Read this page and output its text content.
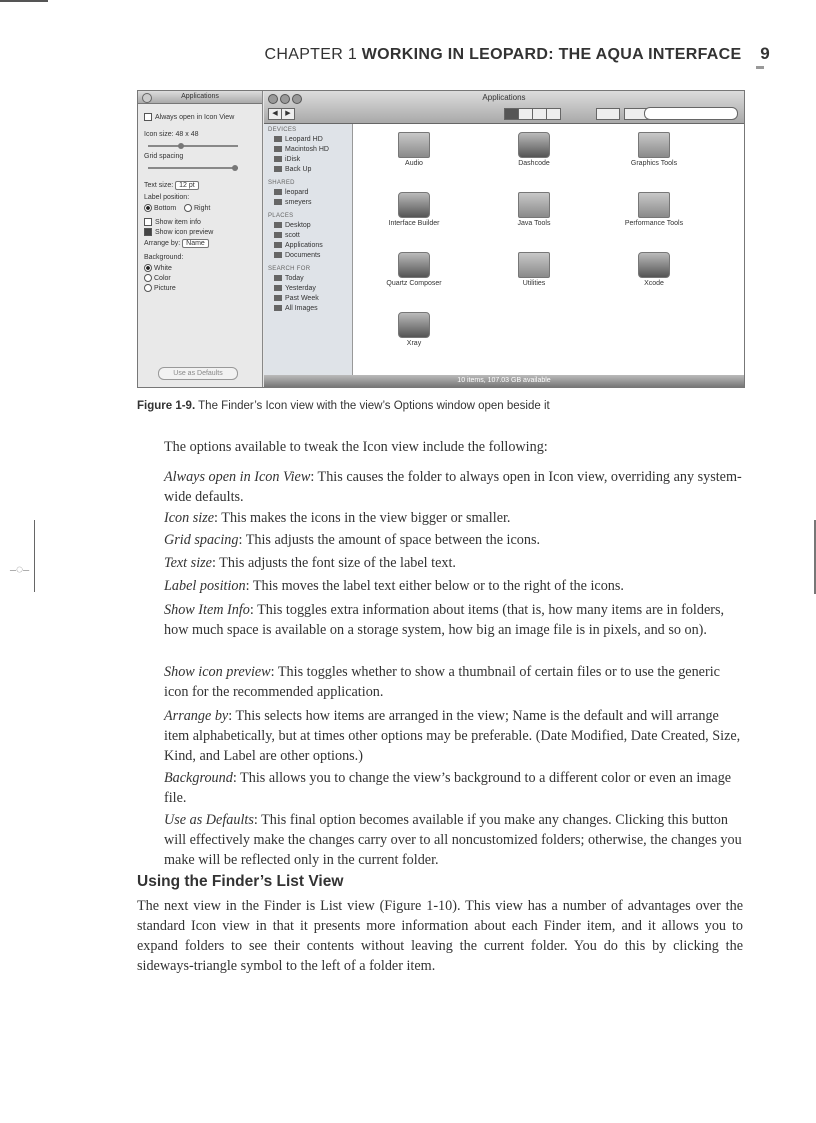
CHAPTER 1 WORKING IN LEOPARD: THE AQUA INTERFACE 9
Applications
Always open in Icon View
Icon size: 48 x 48
Grid spacing
Text size: 12 pt
Label position:
Bottom	Right
Show item info
Show icon preview
Arrange by: Name
Background:
White
Color
Picture
Use as Defaults
Applications
◀	▶
DEVICES
Leopard HD
Macintosh HD
iDisk
Back Up
SHARED
leopard
smeyers
PLACES
Desktop
scott
Applications
Documents
SEARCH FOR
Today
Yesterday
Past Week
All Images
Audio	Dashcode	Graphics Tools
Interface Builder	Java Tools	Performance Tools
Quartz Composer	Utilities	Xcode
Xray
10 items, 107.03 GB available
Figure 1-9. The Finder’s Icon view with the view’s Options window open beside it
The options available to tweak the Icon view include the following:
Always open in Icon View: This causes the folder to always open in Icon view, overriding any system-wide defaults.
Icon size: This makes the icons in the view bigger or smaller.
Grid spacing: This adjusts the amount of space between the icons.
Text size: This adjusts the font size of the label text.
Label position: This moves the label text either below or to the right of the icons.
Show Item Info: This toggles extra information about items (that is, how many items are in folders, how much space is available on a storage system, how big an image file is in pixels, and so on).
Show icon preview: This toggles whether to show a thumbnail of certain files or to use the generic icon for the recommended application.
Arrange by: This selects how items are arranged in the view; Name is the default and will arrange item alphabetically, but at times other options may be preferable. (Date Modified, Date Created, Size, Kind, and Label are other options.)
Background: This allows you to change the view’s background to a different color or even an image file.
Use as Defaults: This final option becomes available if you make any changes. Clicking this button will effectively make the changes carry over to all noncustomized folders; otherwise, the changes you make will be reflected only in the current folder.
–◌–
Using the Finder’s List View
The next view in the Finder is List view (Figure 1-10). This view has a number of advantages over the standard Icon view in that it presents more information about each Finder item, and it allows you to expand folders to see their contents without leaving the current folder. You do this by clicking the sideways-triangle symbol to the left of a folder item.
